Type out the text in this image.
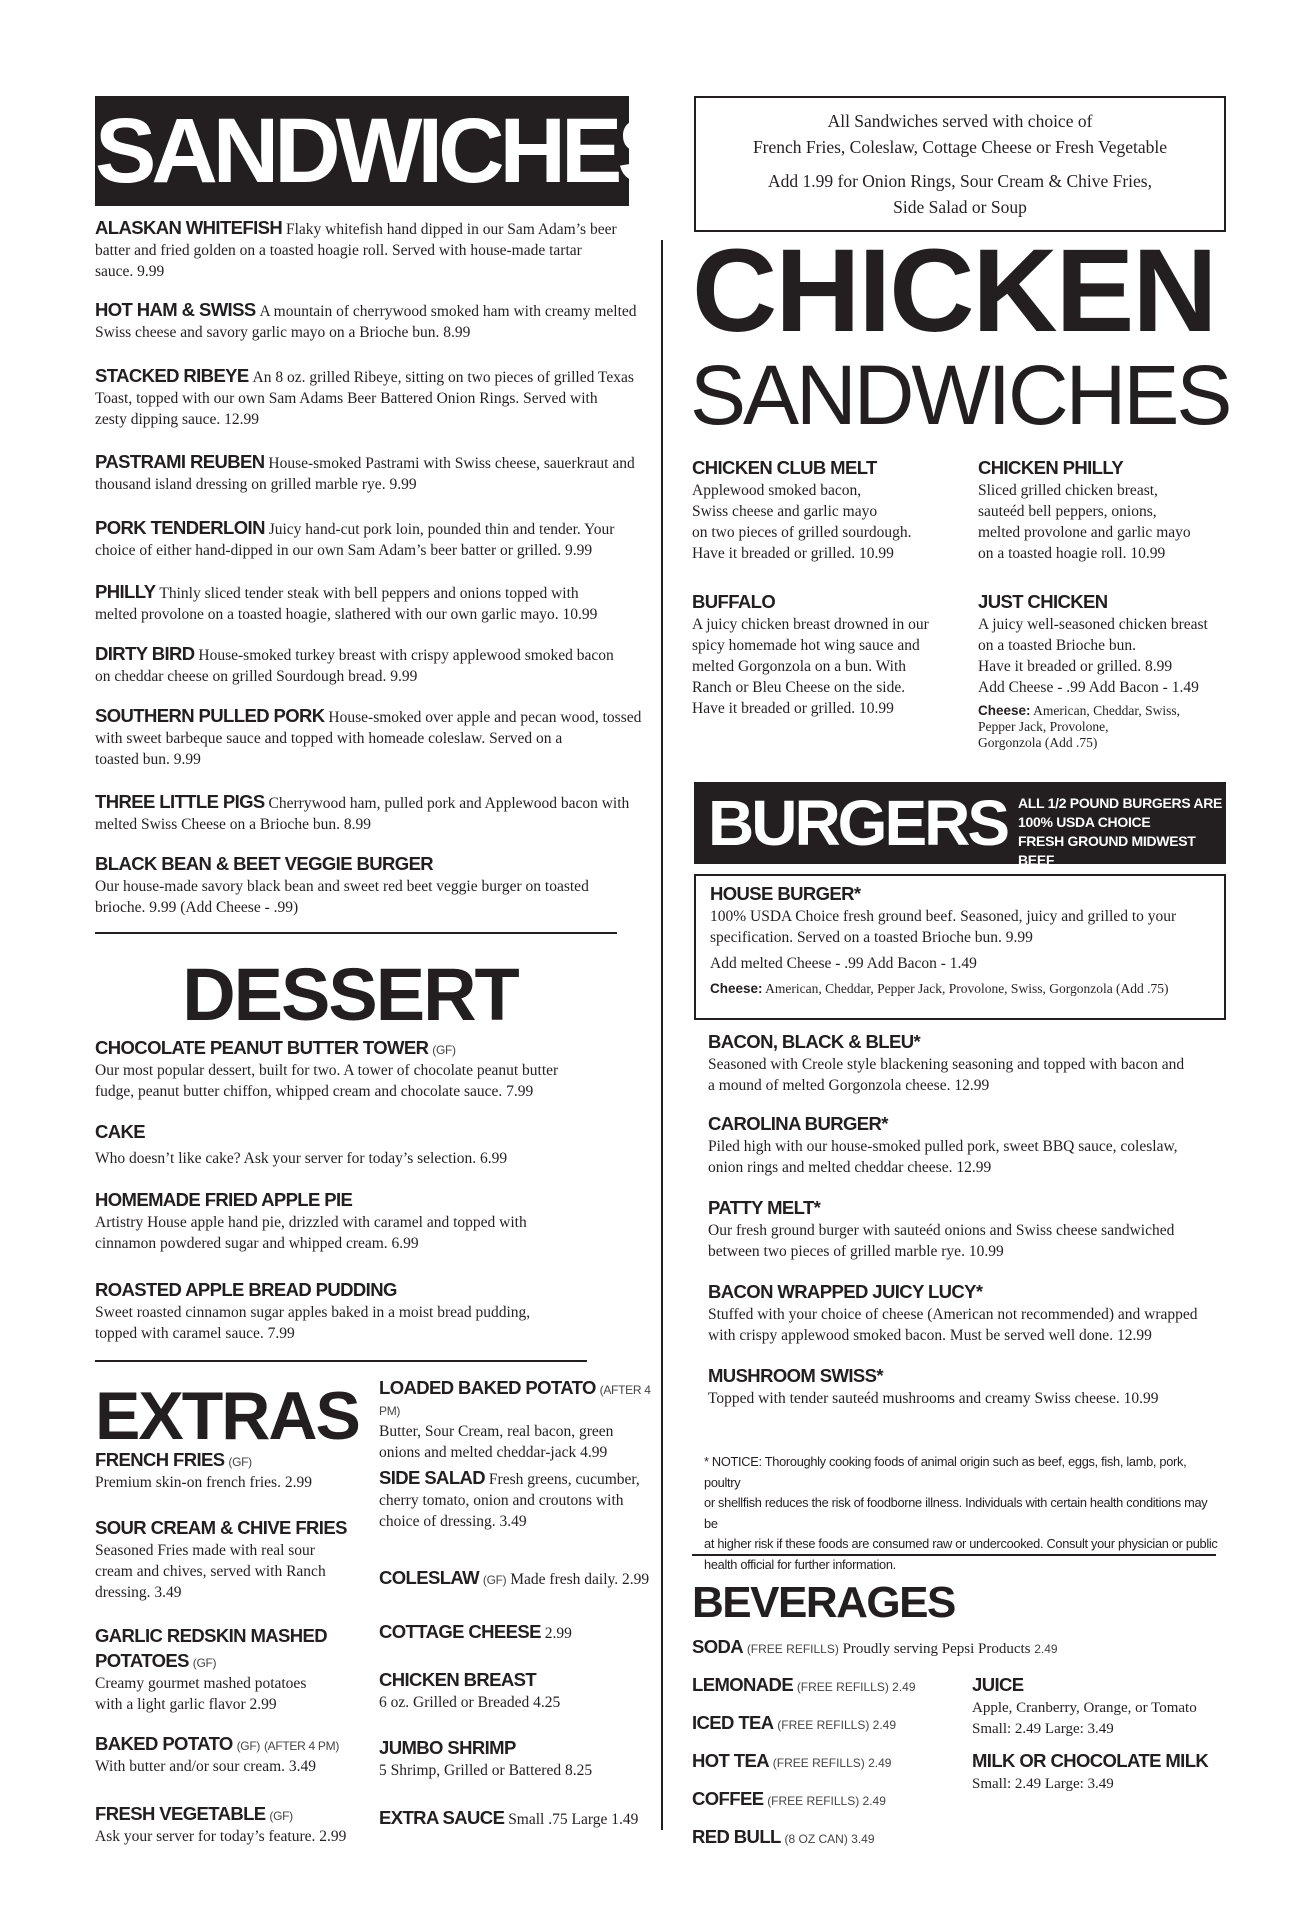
SANDWICHES
ALASKAN WHITEFISH Flaky whitefish hand dipped in our Sam Adam’s beer
batter and fried golden on a toasted hoagie roll. Served with house-made tartar
sauce. 9.99
HOT HAM & SWISS A mountain of cherrywood smoked ham with creamy melted
Swiss cheese and savory garlic mayo on a Brioche bun. 8.99
STACKED RIBEYE An 8 oz. grilled Ribeye, sitting on two pieces of grilled Texas
Toast, topped with our own Sam Adams Beer Battered Onion Rings. Served with
zesty dipping sauce. 12.99
PASTRAMI REUBEN House-smoked Pastrami with Swiss cheese, sauerkraut and
thousand island dressing on grilled marble rye. 9.99
PORK TENDERLOIN Juicy hand-cut pork loin, pounded thin and tender. Your
choice of either hand-dipped in our own Sam Adam’s beer batter or grilled. 9.99
PHILLY Thinly sliced tender steak with bell peppers and onions topped with
melted provolone on a toasted hoagie, slathered with our own garlic mayo. 10.99
DIRTY BIRD House-smoked turkey breast with crispy applewood smoked bacon
on cheddar cheese on grilled Sourdough bread. 9.99
SOUTHERN PULLED PORK House-smoked over apple and pecan wood, tossed
with sweet barbeque sauce and topped with homeade coleslaw. Served on a
toasted bun. 9.99
THREE LITTLE PIGS Cherrywood ham, pulled pork and Applewood bacon with
melted Swiss Cheese on a Brioche bun. 8.99
BLACK BEAN & BEET VEGGIE BURGER
Our house-made savory black bean and sweet red beet veggie burger on toasted
brioche. 9.99 (Add Cheese - .99)
DESSERT
CHOCOLATE PEANUT BUTTER TOWER (GF)
Our most popular dessert, built for two. A tower of chocolate peanut butter
fudge, peanut butter chiffon, whipped cream and chocolate sauce. 7.99
CAKE
Who doesn’t like cake? Ask your server for today’s selection. 6.99
HOMEMADE FRIED APPLE PIE
Artistry House apple hand pie, drizzled with caramel and topped with
cinnamon powdered sugar and whipped cream. 6.99
ROASTED APPLE BREAD PUDDING
Sweet roasted cinnamon sugar apples baked in a moist bread pudding,
topped with caramel sauce. 7.99
EXTRAS
FRENCH FRIES (GF)
Premium skin-on french fries. 2.99
SOUR CREAM & CHIVE FRIES
Seasoned Fries made with real sour
cream and chives, served with Ranch
dressing. 3.49
GARLIC REDSKIN MASHED
POTATOES (GF)
Creamy gourmet mashed potatoes
with a light garlic flavor 2.99
BAKED POTATO (GF) (AFTER 4 PM)
With butter and/or sour cream. 3.49
FRESH VEGETABLE (GF)
Ask your server for today’s feature. 2.99
LOADED BAKED POTATO (AFTER 4 PM)
Butter, Sour Cream, real bacon, green
onions and melted cheddar-jack 4.99
SIDE SALAD Fresh greens, cucumber,
cherry tomato, onion and croutons with
choice of dressing. 3.49
COLESLAW (GF) Made fresh daily. 2.99
COTTAGE CHEESE 2.99
CHICKEN BREAST
6 oz. Grilled or Breaded 4.25
JUMBO SHRIMP
5 Shrimp, Grilled or Battered 8.25
EXTRA SAUCE Small .75 Large 1.49
All Sandwiches served with choice of
French Fries, Coleslaw, Cottage Cheese or Fresh Vegetable
Add 1.99 for Onion Rings, Sour Cream & Chive Fries,
Side Salad or Soup
CHICKEN
SANDWICHES
CHICKEN CLUB MELT
Applewood smoked bacon,
Swiss cheese and garlic mayo
on two pieces of grilled sourdough.
Have it breaded or grilled. 10.99
CHICKEN PHILLY
Sliced grilled chicken breast,
sauteéd bell peppers, onions,
melted provolone and garlic mayo
on a toasted hoagie roll. 10.99
BUFFALO
A juicy chicken breast drowned in our
spicy homemade hot wing sauce and
melted Gorgonzola on a bun. With
Ranch or Bleu Cheese on the side.
Have it breaded or grilled. 10.99
JUST CHICKEN
A juicy well-seasoned chicken breast
on a toasted Brioche bun.
Have it breaded or grilled. 8.99
Add Cheese - .99 Add Bacon - 1.49
Cheese: American, Cheddar, Swiss,
Pepper Jack, Provolone,
Gorgonzola (Add .75)
BURGERS ALL 1/2 POUND BURGERS ARE
100% USDA CHOICE
FRESH GROUND MIDWEST BEEF
HOUSE BURGER*
100% USDA Choice fresh ground beef. Seasoned, juicy and grilled to your
specification. Served on a toasted Brioche bun. 9.99
Add melted Cheese - .99 Add Bacon - 1.49
Cheese: American, Cheddar, Pepper Jack, Provolone, Swiss, Gorgonzola (Add .75)
BACON, BLACK & BLEU*
Seasoned with Creole style blackening seasoning and topped with bacon and
a mound of melted Gorgonzola cheese. 12.99
CAROLINA BURGER*
Piled high with our house-smoked pulled pork, sweet BBQ sauce, coleslaw,
onion rings and melted cheddar cheese. 12.99
PATTY MELT*
Our fresh ground burger with sauteéd onions and Swiss cheese sandwiched
between two pieces of grilled marble rye. 10.99
BACON WRAPPED JUICY LUCY*
Stuffed with your choice of cheese (American not recommended) and wrapped
with crispy applewood smoked bacon. Must be served well done. 12.99
MUSHROOM SWISS*
Topped with tender sauteéd mushrooms and creamy Swiss cheese. 10.99
* NOTICE: Thoroughly cooking foods of animal origin such as beef, eggs, fish, lamb, pork, poultry
or shellfish reduces the risk of foodborne illness. Individuals with certain health conditions may be
at higher risk if these foods are consumed raw or undercooked. Consult your physician or public
health official for further information.
BEVERAGES
SODA (FREE REFILLS) Proudly serving Pepsi Products 2.49
LEMONADE (FREE REFILLS) 2.49
ICED TEA (FREE REFILLS) 2.49
HOT TEA (FREE REFILLS) 2.49
COFFEE (FREE REFILLS) 2.49
RED BULL (8 OZ CAN) 3.49
JUICE
Apple, Cranberry, Orange, or Tomato
Small: 2.49 Large: 3.49
MILK OR CHOCOLATE MILK
Small: 2.49 Large: 3.49
